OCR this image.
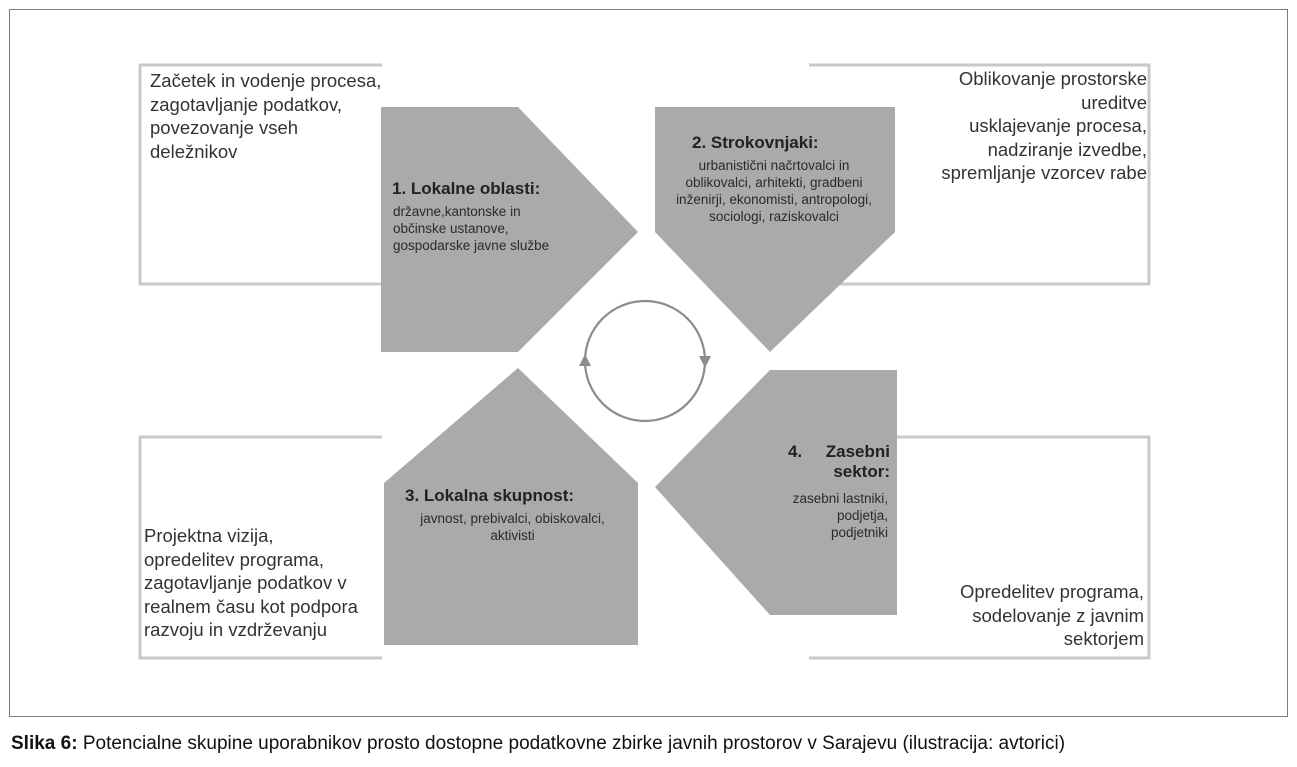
Začetek in vodenje procesa,
zagotavljanje podatkov,
povezovanje vseh
deležnikov
Oblikovanje prostorske
ureditve
usklajevanje procesa,
nadziranje izvedbe,
spremljanje vzorcev rabe
Projektna vizija,
opredelitev programa,
zagotavljanje podatkov v
realnem času kot podpora
razvoju in vzdrževanju
Opredelitev programa,
sodelovanje z javnim
sektorjem
1. Lokalne oblasti:
državne,kantonske in
občinske ustanove,
gospodarske javne službe
2. Strokovnjaki:
urbanistični načrtovalci in
oblikovalci, arhitekti, gradbeni
inženirji, ekonomisti, antropologi,
sociologi, raziskovalci
3. Lokalna skupnost:
javnost, prebivalci, obiskovalci,
aktivisti
4.     Zasebni
sektor:
zasebni lastniki,
podjetja,
podjetniki
Slika 6: Potencialne skupine uporabnikov prosto dostopne podatkovne zbirke javnih prostorov v Sarajevu (ilustracija: avtorici)
